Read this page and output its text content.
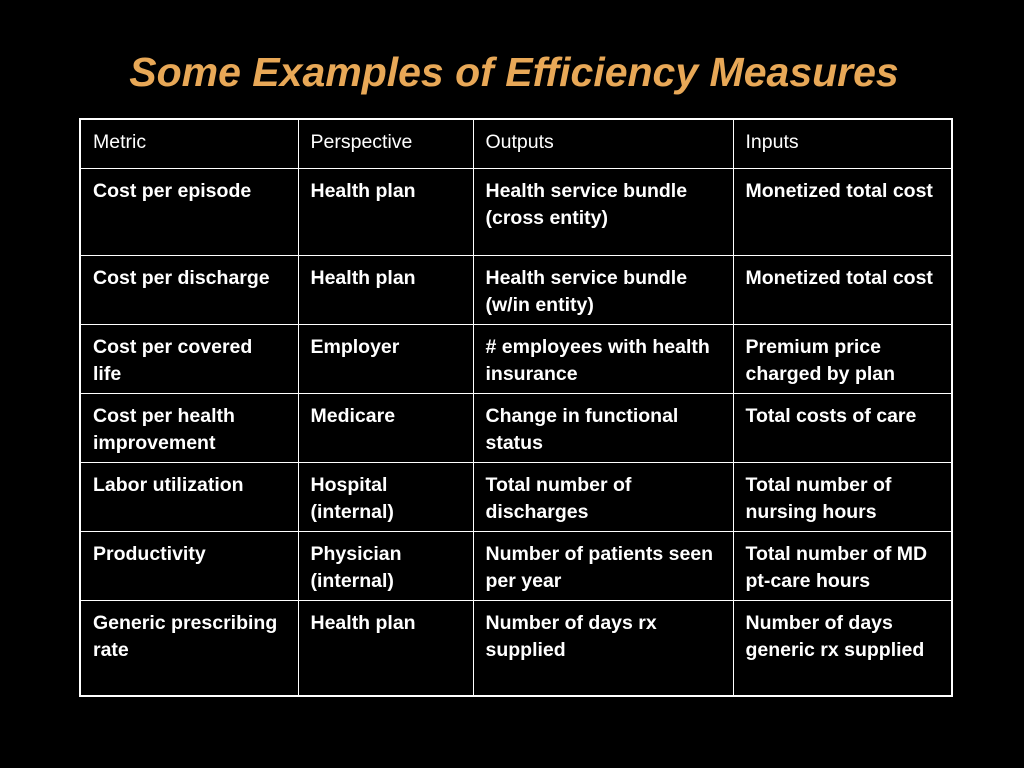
Some Examples of Efficiency Measures
Metric	Perspective	Outputs	Inputs
Cost per episode	Health plan	Health service bundle (cross entity)	Monetized total cost
Cost per discharge	Health plan	Health service bundle (w/in entity)	Monetized total cost
Cost per covered life	Employer	# employees with health insurance	Premium price charged by plan
Cost per health improvement	Medicare	Change in functional status	Total costs of care
Labor utilization	Hospital (internal)	Total number of discharges	Total number of nursing hours
Productivity	Physician (internal)	Number of patients seen per year	Total number of MD pt-care hours
Generic prescribing rate	Health plan	Number of days rx supplied	Number of days generic rx supplied
